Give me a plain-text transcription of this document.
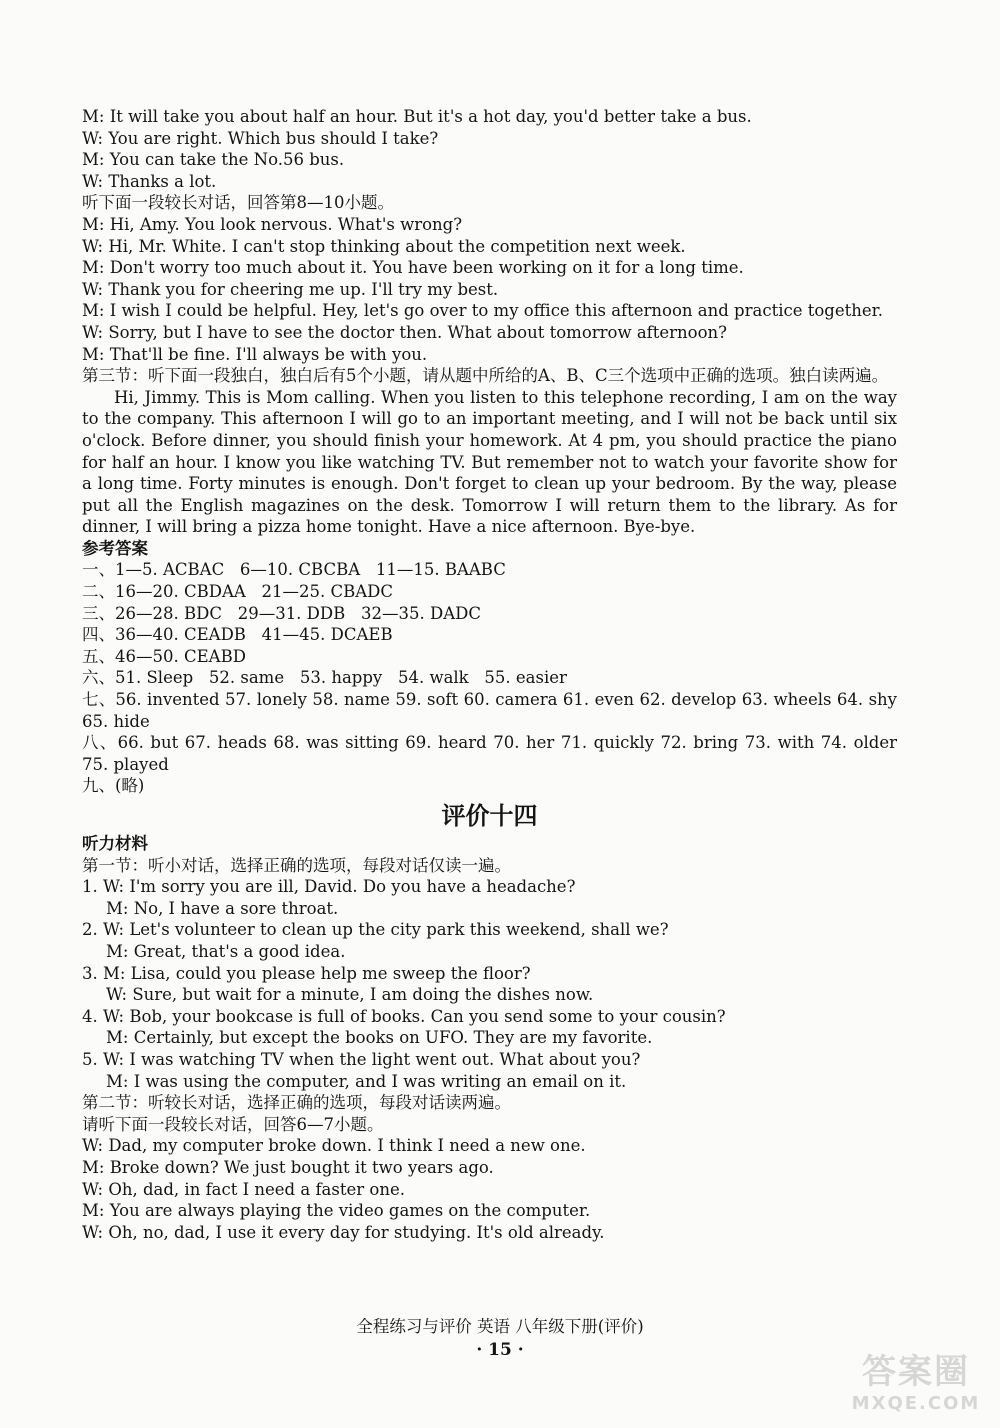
M: It will take you about half an hour. But it's a hot day, you'd better take a bus.

W: You are right. Which bus should I take?

M: You can take the No.56 bus.

W: Thanks a lot.

听下面一段较长对话，回答第8—10小题。

M: Hi, Amy. You look nervous. What's wrong?

W: Hi, Mr. White. I can't stop thinking about the competition next week.

M: Don't worry too much about it. You have been working on it for a long time.

W: Thank you for cheering me up. I'll try my best.

M: I wish I could be helpful. Hey, let's go over to my office this afternoon and practice together.

W: Sorry, but I have to see the doctor then. What about tomorrow afternoon?

M: That'll be fine. I'll always be with you.

第三节：听下面一段独白，独白后有5个小题，请从题中所给的A、B、C三个选项中正确的选项。独白读两遍。

Hi, Jimmy. This is Mom calling. When you listen to this telephone recording, I am on the way to the company. This afternoon I will go to an important meeting, and I will not be back until six o'clock. Before dinner, you should finish your homework. At 4 pm, you should practice the piano for half an hour. I know you like watching TV. But remember not to watch your favorite show for a long time. Forty minutes is enough. Don't forget to clean up your bedroom. By the way, please put all the English magazines on the desk. Tomorrow I will return them to the library. As for dinner, I will bring a pizza home tonight. Have a nice afternoon. Bye-bye.

参考答案

一、1—5. ACBAC   6—10. CBCBA   11—15. BAABC

二、16—20. CBDAA   21—25. CBADC

三、26—28. BDC   29—31. DDB   32—35. DADC

四、36—40. CEADB   41—45. DCAEB

五、46—50. CEABD

六、51. Sleep   52. same   53. happy   54. walk   55. easier

七、56. invented 57. lonely 58. name 59. soft 60. camera 61. even 62. develop 63. wheels 64. shy 65. hide

八、66. but 67. heads 68. was sitting 69. heard 70. her 71. quickly 72. bring 73. with 74. older 75. played

九、(略)

评价十四

听力材料

第一节：听小对话，选择正确的选项，每段对话仅读一遍。

1. W: I'm sorry you are ill, David. Do you have a headache?

M: No, I have a sore throat.

2. W: Let's volunteer to clean up the city park this weekend, shall we?

M: Great, that's a good idea.

3. M: Lisa, could you please help me sweep the floor?

W: Sure, but wait for a minute, I am doing the dishes now.

4. W: Bob, your bookcase is full of books. Can you send some to your cousin?

M: Certainly, but except the books on UFO. They are my favorite.

5. W: I was watching TV when the light went out. What about you?

M: I was using the computer, and I was writing an email on it.

第二节：听较长对话，选择正确的选项，每段对话读两遍。

请听下面一段较长对话，回答6—7小题。

W: Dad, my computer broke down. I think I need a new one.

M: Broke down? We just bought it two years ago.

W: Oh, dad, in fact I need a faster one.

M: You are always playing the video games on the computer.

W: Oh, no, dad, I use it every day for studying. It's old already.

全程练习与评价 英语 八年级下册(评价)
· 15 ·
答案圈
MXQE.COM
